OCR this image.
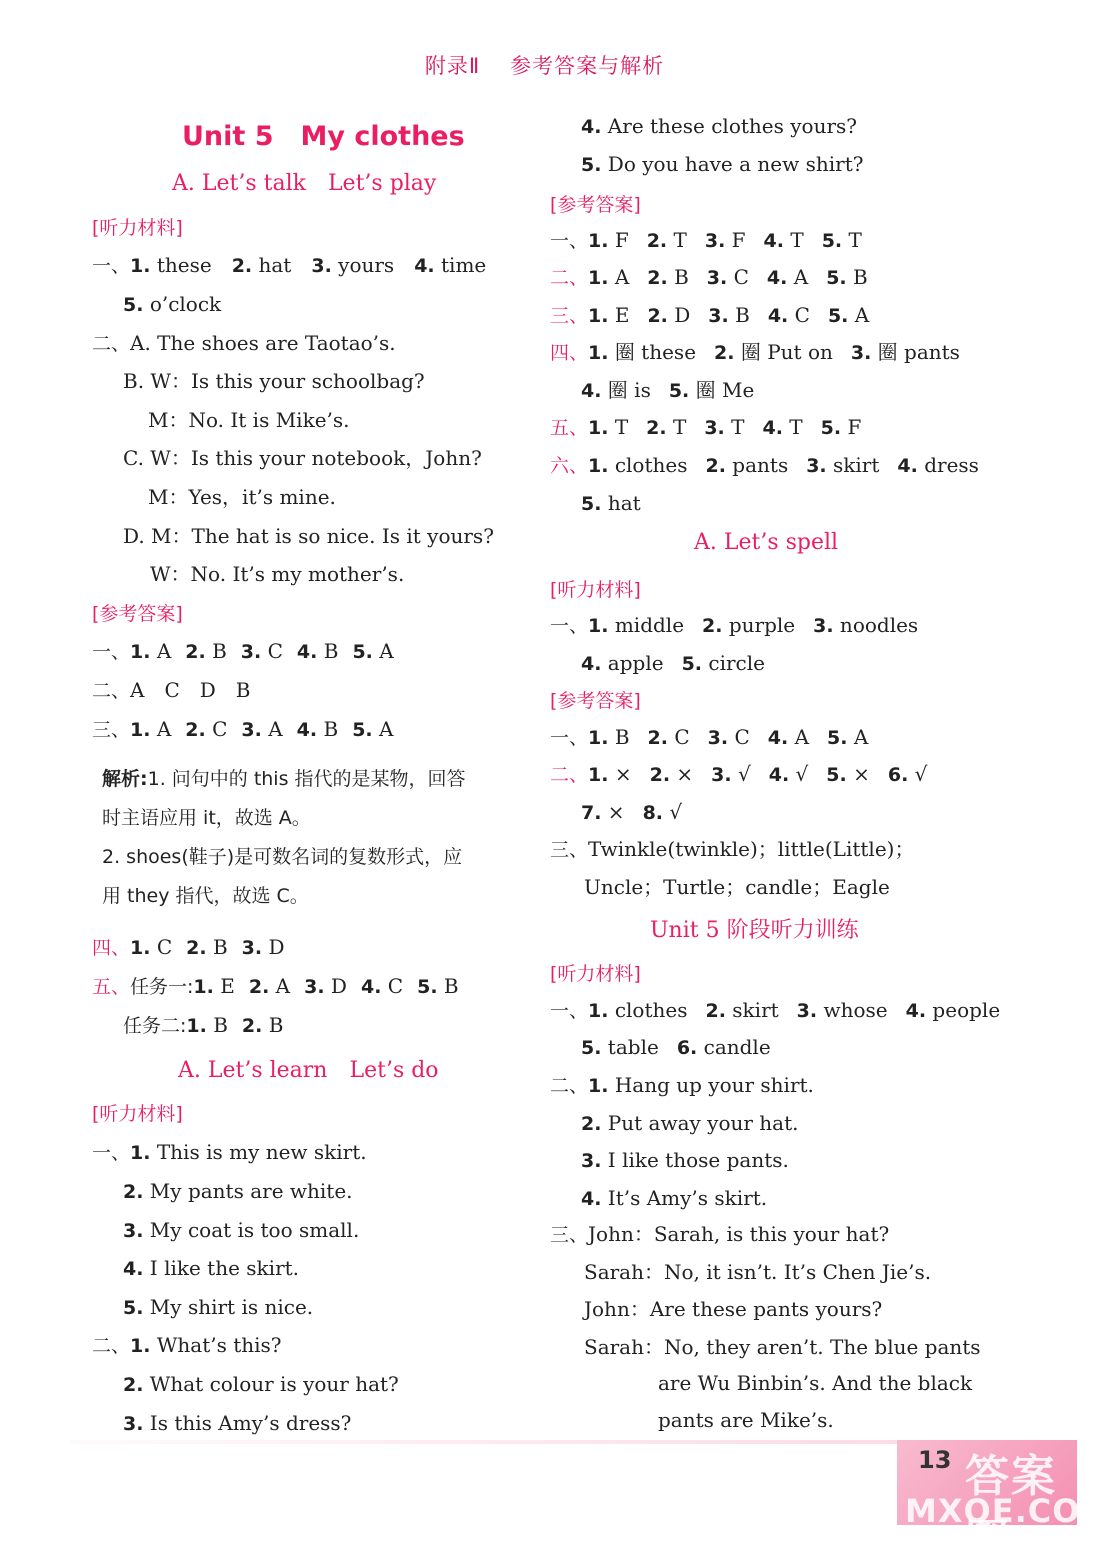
附录Ⅱ 参考答案与解析
Unit 5　My clothes
A. Let’s talk　Let’s play
[听力材料]
一、1. these 2. hat 3. yours 4. time
5. o’clock
二、A. The shoes are Taotao’s.
B. W：Is this your schoolbag?
M：No. It is Mike’s.
C. W：Is this your notebook，John?
M：Yes，it’s mine.
D. M：The hat is so nice. Is it yours?
W：No. It’s my mother’s.
[参考答案]
一、1. A 2. B 3. C 4. B 5. A
二、A　C　D　B
三、1. A 2. C 3. A 4. B 5. A
解析:1. 问句中的 this 指代的是某物，回答
时主语应用 it，故选 A。
2. shoes(鞋子)是可数名词的复数形式，应
用 they 指代，故选 C。
四、1. C 2. B 3. D
五、任务一:1. E 2. A 3. D 4. C 5. B
任务二:1. B 2. B
A. Let’s learn　Let’s do
[听力材料]
一、1. This is my new skirt.
2. My pants are white.
3. My coat is too small.
4. I like the skirt.
5. My shirt is nice.
二、1. What’s this?
2. What colour is your hat?
3. Is this Amy’s dress?
4. Are these clothes yours?
5. Do you have a new shirt?
[参考答案]
一、1. F 2. T 3. F 4. T 5. T
二、1. A 2. B 3. C 4. A 5. B
三、1. E 2. D 3. B 4. C 5. A
四、1. 圈 these 2. 圈 Put on 3. 圈 pants
4. 圈 is 5. 圈 Me
五、1. T 2. T 3. T 4. T 5. F
六、1. clothes 2. pants 3. skirt 4. dress
5. hat
A. Let’s spell
[听力材料]
一、1. middle 2. purple 3. noodles
4. apple 5. circle
[参考答案]
一、1. B 2. C 3. C 4. A 5. A
二、1. × 2. × 3. √ 4. √ 5. × 6. √
7. × 8. √
三、Twinkle(twinkle)；little(Little)；
Uncle；Turtle；candle；Eagle
Unit 5 阶段听力训练
[听力材料]
一、1. clothes 2. skirt 3. whose 4. people
5. table 6. candle
二、1. Hang up your shirt.
2. Put away your hat.
3. I like those pants.
4. It’s Amy’s skirt.
三、John：Sarah, is this your hat?
Sarah：No, it isn’t. It’s Chen Jie’s.
John：Are these pants yours?
Sarah：No, they aren’t. The blue pants
are Wu Binbin’s. And the black
pants are Mike’s.
13 答案圈
MXQE.COM
